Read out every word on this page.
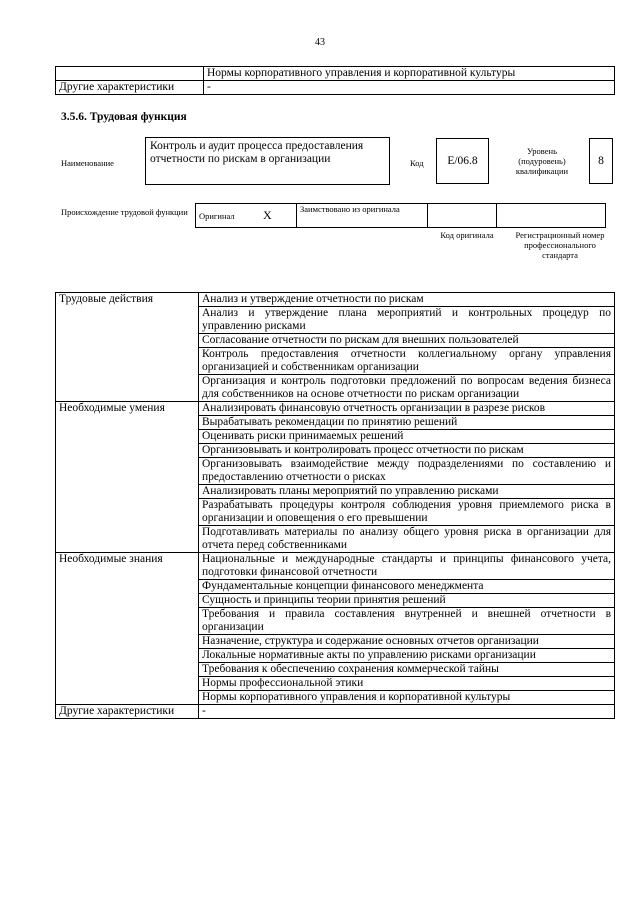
43
	Нормы корпоративного управления и корпоративной культуры
Другие характеристики	-
3.5.6. Трудовая функция
Наименование
Контроль и аудит процесса предоставления отчетности по рискам в организации	Код	E/06.8
Уровень (подуровень) квалификации
8
Происхождение трудовой функции	Оригинал	X	Заимствовано из оригинала		
Код оригинала	Регистрационный номер профессионального стандарта
Трудовые действия	Анализ и утверждение отчетности по рискам
	Анализ и утверждение плана мероприятий и контрольных процедур по управлению рисками
	Согласование отчетности по рискам для внешних пользователей
	Контроль предоставления отчетности коллегиальному органу управления организацией и собственникам организации
	Организация и контроль подготовки предложений по вопросам ведения бизнеса для собственников на основе отчетности по рискам организации
Необходимые умения	Анализировать финансовую отчетность организации в разрезе рисков
	Вырабатывать рекомендации по принятию решений
	Оценивать риски принимаемых решений
	Организовывать и контролировать процесс отчетности по рискам
	Организовывать взаимодействие между подразделениями по составлению и предоставлению отчетности о рисках
	Анализировать планы мероприятий по управлению рисками
	Разрабатывать процедуры контроля соблюдения уровня приемлемого риска в организации и оповещения о его превышении
	Подготавливать материалы по анализу общего уровня риска в организации для отчета перед собственниками
Необходимые знания	Национальные и международные стандарты и принципы финансового учета, подготовки финансовой отчетности
	Фундаментальные концепции финансового менеджмента
	Сущность и принципы теории принятия решений
	Требования и правила составления внутренней и внешней отчетности в организации
	Назначение, структура и содержание основных отчетов организации
	Локальные нормативные акты по управлению рисками организации
	Требования к обеспечению сохранения коммерческой тайны
	Нормы профессиональной этики
	Нормы корпоративного управления и корпоративной культуры
Другие характеристики	-
